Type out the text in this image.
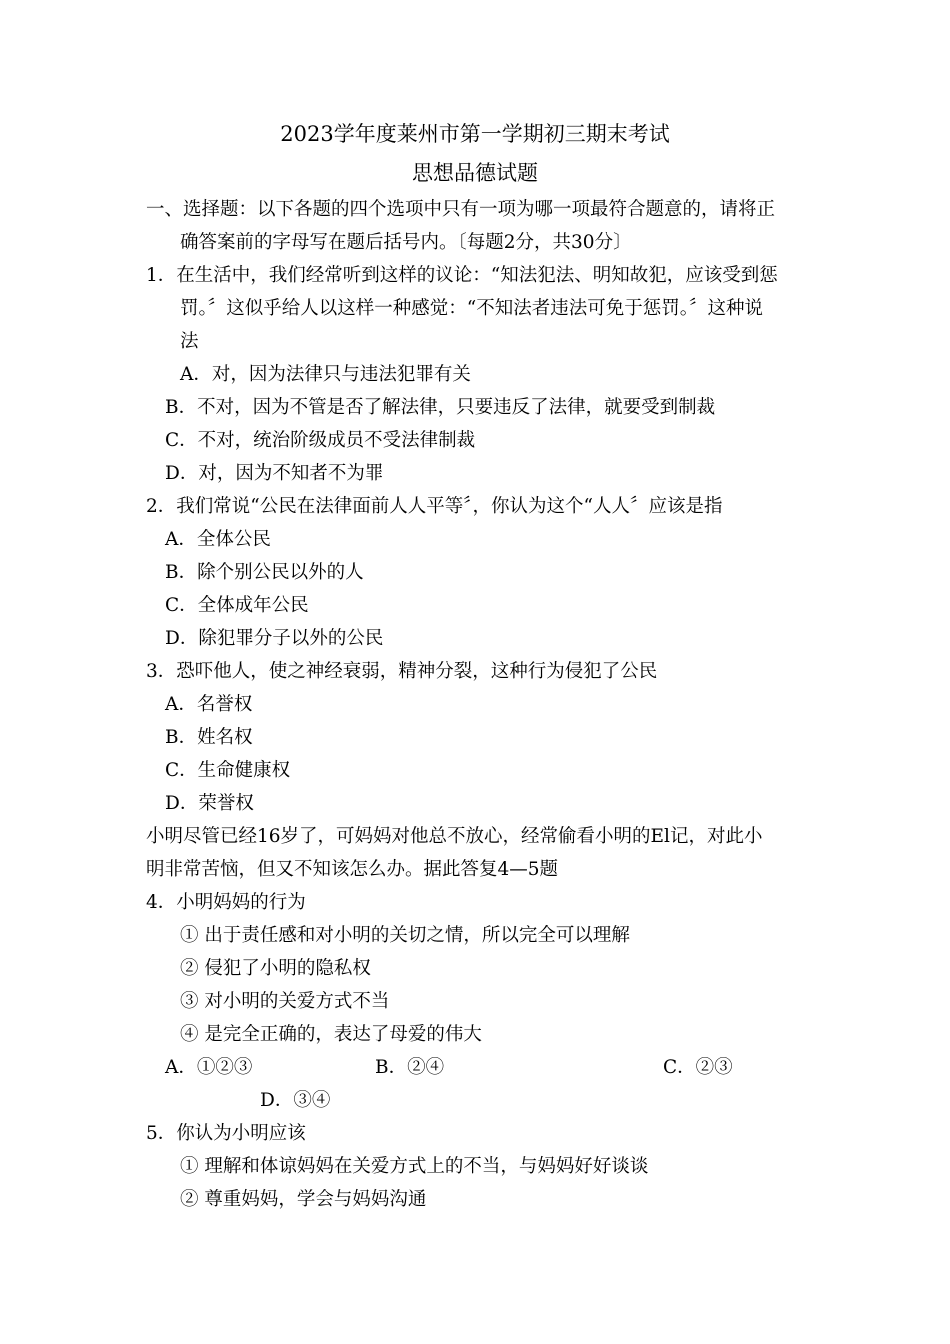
2023学年度莱州市第一学期初三期末考试
思想品德试题
一、选择题：以下各题的四个选项中只有一项为哪一项最符合题意的，请将正
确答案前的字母写在题后括号内。〔每题2分，共30分〕
1．在生活中，我们经常听到这样的议论：“知法犯法、明知故犯，应该受到惩
罚。〞这似乎给人以这样一种感觉：“不知法者违法可免于惩罚。〞这种说
法
A．对，因为法律只与违法犯罪有关
B．不对，因为不管是否了解法律，只要违反了法律，就要受到制裁
C．不对，统治阶级成员不受法律制裁
D．对，因为不知者不为罪
2．我们常说“公民在法律面前人人平等〞，你认为这个“人人〞应该是指
A．全体公民
B．除个别公民以外的人
C．全体成年公民
D．除犯罪分子以外的公民
3．恐吓他人，使之神经衰弱，精神分裂，这种行为侵犯了公民
A．名誉权
B．姓名权
C．生命健康权
D．荣誉权
小明尽管已经16岁了，可妈妈对他总不放心，经常偷看小明的El记，对此小
明非常苦恼，但又不知该怎么办。据此答复4—5题
4．小明妈妈的行为
① 出于责任感和对小明的关切之情，所以完全可以理解
② 侵犯了小明的隐私权
③ 对小明的关爱方式不当
④ 是完全正确的，表达了母爱的伟大
A．①②③	B．②④	C．②③
D．③④
5．你认为小明应该
① 理解和体谅妈妈在关爱方式上的不当，与妈妈好好谈谈
② 尊重妈妈，学会与妈妈沟通
